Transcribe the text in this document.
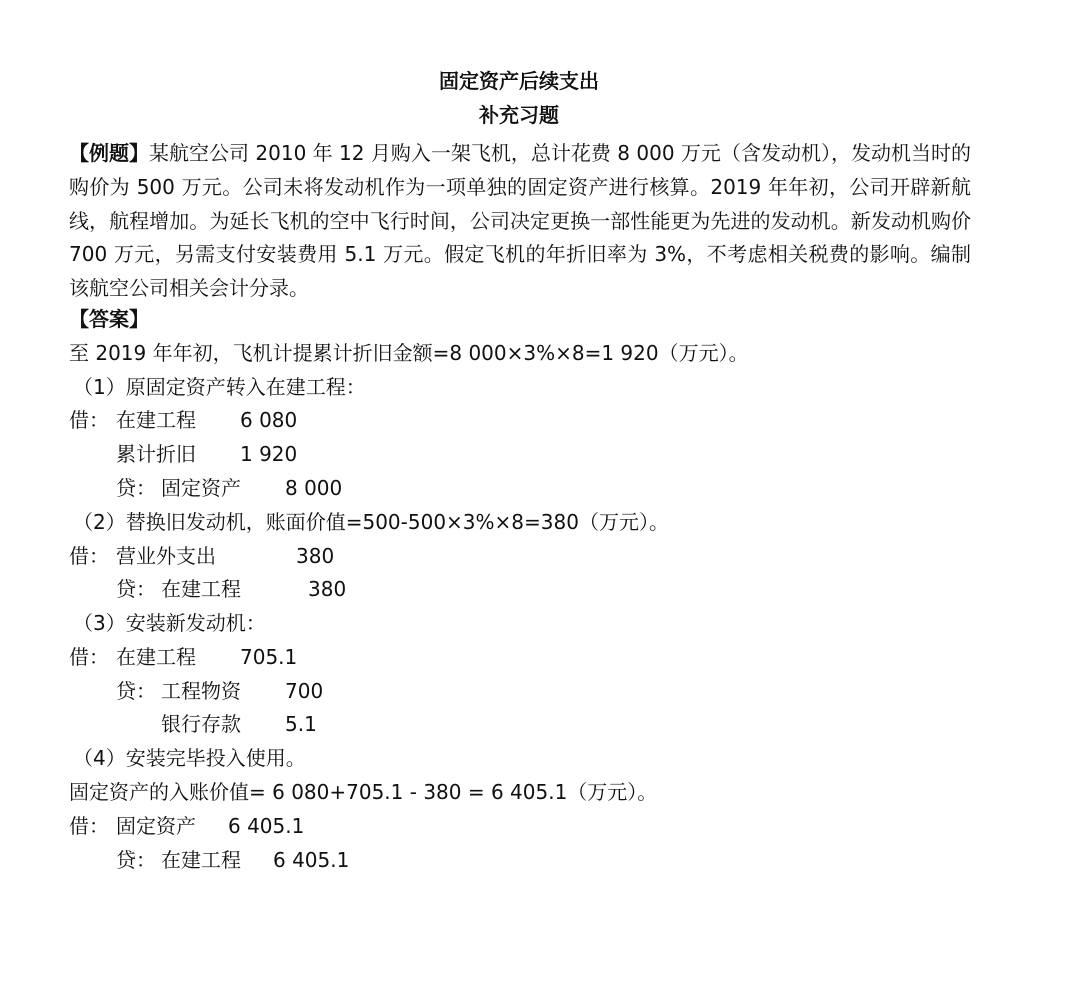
固定资产后续支出
补充习题
【例题】某航空公司 2010 年 12 月购入一架飞机，总计花费 8 000 万元（含发动机），发动机当时的购价为 500 万元。公司未将发动机作为一项单独的固定资产进行核算。2019 年年初，公司开辟新航线，航程增加。为延长飞机的空中飞行时间，公司决定更换一部性能更为先进的发动机。新发动机购价 700 万元，另需支付安装费用 5.1 万元。假定飞机的年折旧率为 3%，不考虑相关税费的影响。编制该航空公司相关会计分录。
【答案】
至 2019 年年初，飞机计提累计折旧金额=8 000×3%×8=1 920（万元）。
（1）原固定资产转入在建工程：
借： 在建工程 6 080
累计折旧 1 920
贷： 固定资产 8 000
（2）替换旧发动机，账面价值=500-500×3%×8=380（万元）。
借： 营业外支出	380
贷： 在建工程	380
（3）安装新发动机：
借： 在建工程 705.1
贷： 工程物资 700
银行存款 5.1
（4）安装完毕投入使用。
固定资产的入账价值= 6 080+705.1 - 380 = 6 405.1（万元）。
借： 固定资产 6 405.1
贷： 在建工程 6 405.1
